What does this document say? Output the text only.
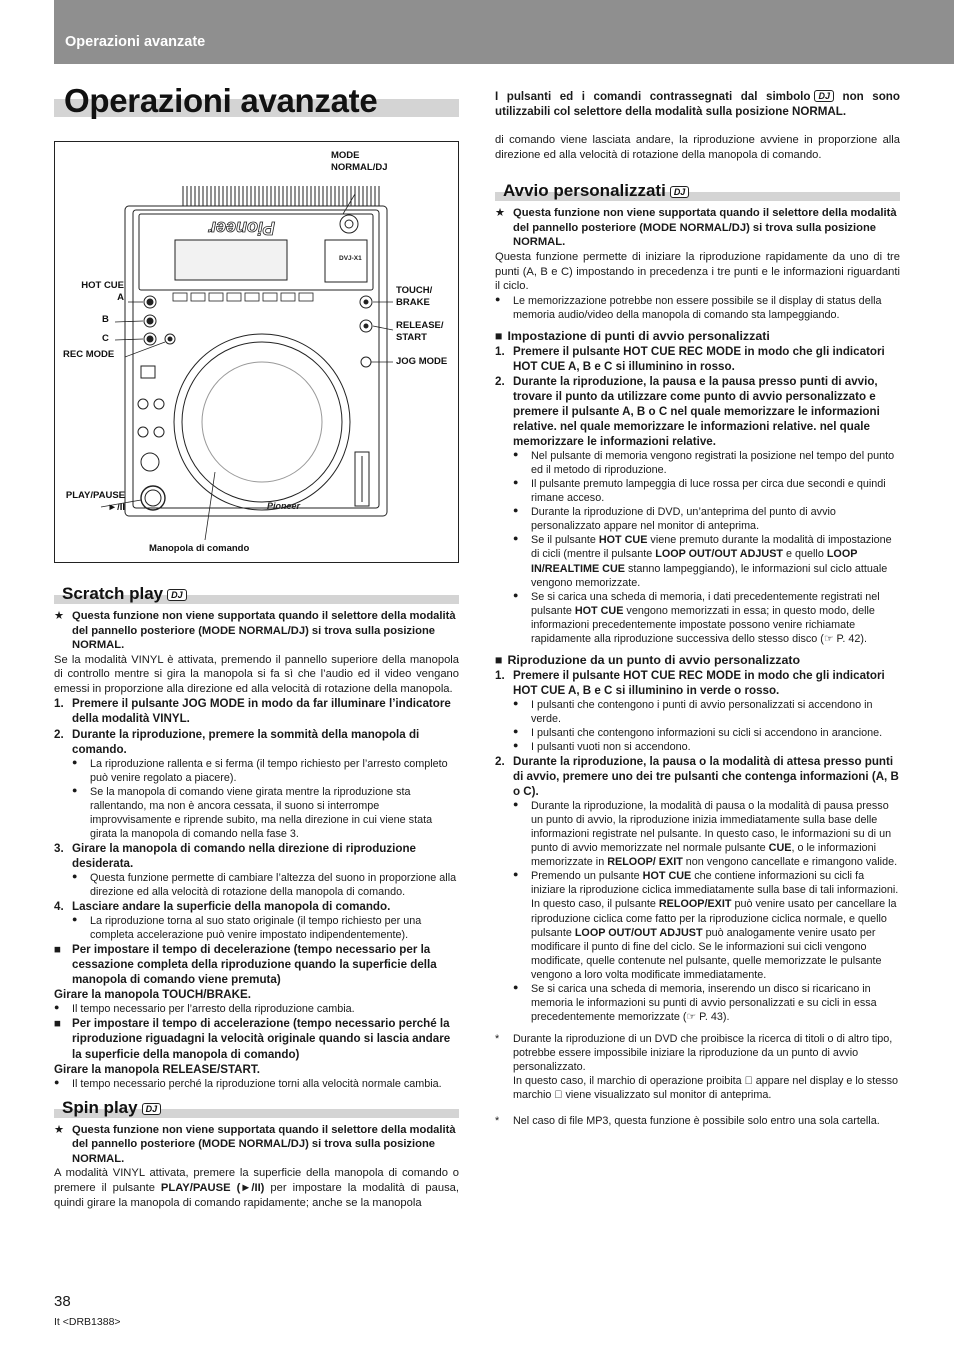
Operazioni avanzate
Operazioni avanzate
Pioneer
Pioneer
DVJ-X1
MODE
NORMAL/DJ
HOT CUE
A
B
C
REC MODE
TOUCH/
BRAKE
RELEASE/
START
JOG MODE
PLAY/PAUSE
►/II
Manopola di comando
Scratch play DJ
★ Questa funzione non viene supportata quando il selettore della modalità del pannello posteriore (MODE NORMAL/DJ) si trova sulla posizione NORMAL.

Se la modalità VINYL è attivata, premendo il pannello superiore della manopola di controllo mentre si gira la manopola si fa sì che l’audio ed il video vengano emessi in proporzione alla direzione ed alla velocità di rotazione della manopola.

1. Premere il pulsante JOG MODE in modo da far illuminare l’indicatore della modalità VINYL.
2. Durante la riproduzione, premere la sommità della manopola di comando.
● La riproduzione rallenta e si ferma (il tempo richiesto per l’arresto completo può venire regolato a piacere).
● Se la manopola di comando viene girata mentre la riproduzione sta rallentando, ma non è ancora cessata, il suono si interrompe improvvisamente e riprende subito, ma nella direzione in cui viene stata girata la manopola di comando nella fase 3.
3. Girare la manopola di comando nella direzione di riproduzione desiderata.
● Questa funzione permette di cambiare l’altezza del suono in proporzione alla direzione ed alla velocità di rotazione della manopola di comando.
4. Lasciare andare la superficie della manopola di comando.
● La riproduzione torna al suo stato originale (il tempo richiesto per una completa accelerazione può venire impostato indipendentemente).
■ Per impostare il tempo di decelerazione (tempo necessario per la cessazione completa della riproduzione quando la superficie della manopola di comando viene premuta)
Girare la manopola TOUCH/BRAKE.
● Il tempo necessario per l’arresto della riproduzione cambia.
■ Per impostare il tempo di accelerazione (tempo necessario perché la riproduzione riguadagni la velocità originale quando si lascia andare la superficie della manopola di comando)
Girare la manopola RELEASE/START.
● Il tempo necessario perché la riproduzione torni alla velocità normale cambia.
Spin play DJ
★ Questa funzione non viene supportata quando il selettore della modalità del pannello posteriore (MODE NORMAL/DJ) si trova sulla posizione NORMAL.

A modalità VINYL attivata, premere la superficie della manopola di comando o premere il pulsante PLAY/PAUSE (►/II) per impostare la modalità di pausa, quindi girare la manopola di comando rapidamente; anche se la manopola

I pulsanti ed i comandi contrassegnati dal simbolo DJ non sono utilizzabili col selettore della modalità sulla posizione NORMAL.

di comando viene lasciata andare, la riproduzione avviene in proporzione alla direzione ed alla velocità di rotazione della manopola di comando.

Avvio personalizzati DJ
★ Questa funzione non viene supportata quando il selettore della modalità del pannello posteriore (MODE NORMAL/DJ) si trova sulla posizione NORMAL.

Questa funzione permette di iniziare la riproduzione rapidamente da uno di tre punti (A, B e C) impostando in precedenza i tre punti e le informazioni riguardanti il ciclo.

● Le memorizzazione potrebbe non essere possibile se il display di status della memoria audio/video della manopola di comando sta lampeggiando.
■ Impostazione di punti di avvio personalizzati
1. Premere il pulsante HOT CUE REC MODE in modo che gli indicatori HOT CUE A, B e C si illuminino in rosso.
2. Durante la riproduzione, la pausa e la pausa presso punti di avvio, trovare il punto da utilizzare come punto di avvio personalizzato e premere il pulsante A, B o C nel quale memorizzare le informazioni relative. nel quale memorizzare le informazioni relative. nel quale memorizzare le informazioni relative.
● Nel pulsante di memoria vengono registrati la posizione nel tempo del punto ed il metodo di riproduzione.
● Il pulsante premuto lampeggia di luce rossa per circa due secondi e quindi rimane acceso.
● Durante la riproduzione di DVD, un’anteprima del punto di avvio personalizzato appare nel monitor di anteprima.
● Se il pulsante HOT CUE viene premuto durante la modalità di impostazione di cicli (mentre il pulsante LOOP OUT/OUT ADJUST e quello LOOP IN/REALTIME CUE stanno lampeggiando), le informazioni sul ciclo attuale vengono memorizzate.
● Se si carica una scheda di memoria, i dati precedentemente registrati nel pulsante HOT CUE vengono memorizzati in essa; in questo modo, delle informazioni precedentemente impostate possono venire richiamate rapidamente alla riproduzione successiva dello stesso disco (☞ P. 42).
■ Riproduzione da un punto di avvio personalizzato
1. Premere il pulsante HOT CUE REC MODE in modo che gli indicatori HOT CUE A, B e C si illuminino in verde o rosso.
● I pulsanti che contengono i punti di avvio personalizzati si accendono in verde.
● I pulsanti che contengono informazioni su cicli si accendono in arancione.
● I pulsanti vuoti non si accendono.
2. Durante la riproduzione, la pausa o la modalità di attesa presso punti di avvio, premere uno dei tre pulsanti che contenga informazioni (A, B o C).
● Durante la riproduzione, la modalità di pausa o la modalità di pausa presso un punto di avvio, la riproduzione inizia immediatamente sulla base delle informazioni registrate nel pulsante. In questo caso, le informazioni su di un punto di avvio memorizzate nel normale pulsante CUE, o le informazioni memorizzate in RELOOP/ EXIT non vengono cancellate e rimangono valide.
● Premendo un pulsante HOT CUE che contiene informazioni su cicli fa iniziare la riproduzione ciclica immediatamente sulla base di tali informazioni. In questo caso, il pulsante RELOOP/EXIT può venire usato per cancellare la riproduzione ciclica come fatto per la riproduzione ciclica normale, e quello pulsante LOOP OUT/OUT ADJUST può analogamente venire usato per modificare il punto di fine del ciclo. Se le informazioni sui cicli vengono modificate, quelle contenute nel pulsante, quelle memorizzate le pulsante vengono a loro volta modificate immediatamente.
● Se si carica una scheda di memoria, inserendo un disco si ricaricano in memoria le informazioni su punti di avvio personalizzati e su cicli in essa precedentemente memorizzate (☞ P. 43).
* Durante la riproduzione di un DVD che proibisce la ricerca di titoli o di altro tipo, potrebbe essere impossibile iniziare la riproduzione da un punto di avvio personalizzato.
In questo caso, il marchio di operazione proibita ⃠ appare nel display e lo stesso marchio ⃠ viene visualizzato sul monitor di anteprima.
* Nel caso di file MP3, questa funzione è possibile solo entro una sola cartella.
38
It <DRB1388>
